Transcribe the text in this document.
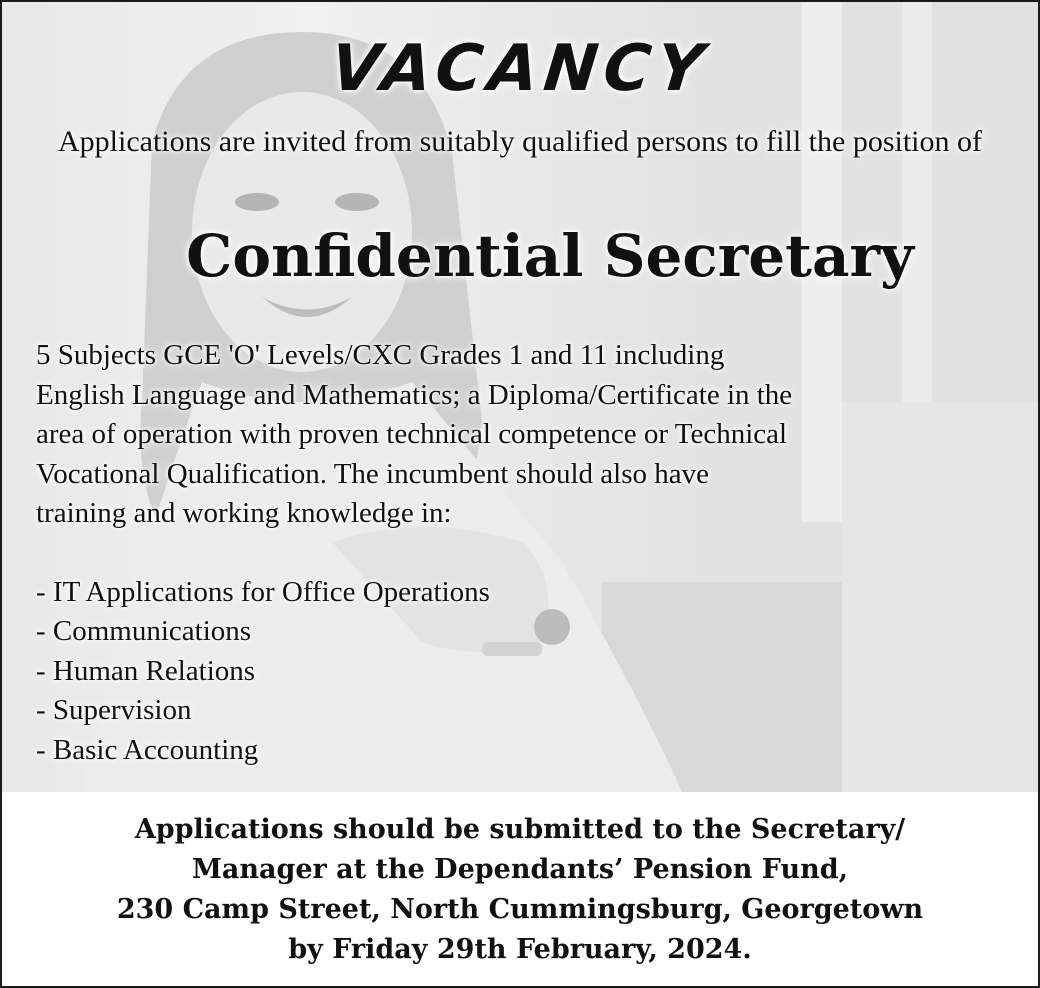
VACANCY
Applications are invited from suitably qualified persons to fill the position of
Confidential Secretary

5 Subjects GCE 'O' Levels/CXC Grades 1 and 11 including

English Language and Mathematics; a Diploma/Certificate in the

area of operation with proven technical competence or Technical

Vocational Qualification. The incumbent should also have

training and working knowledge in:

- IT Applications for Office Operations
- Communications
- Human Relations
- Supervision
- Basic Accounting
Applications should be submitted to the Secretary/
Manager at the Dependants’ Pension Fund,
230 Camp Street, North Cummingsburg, Georgetown
by Friday 29th February, 2024.
